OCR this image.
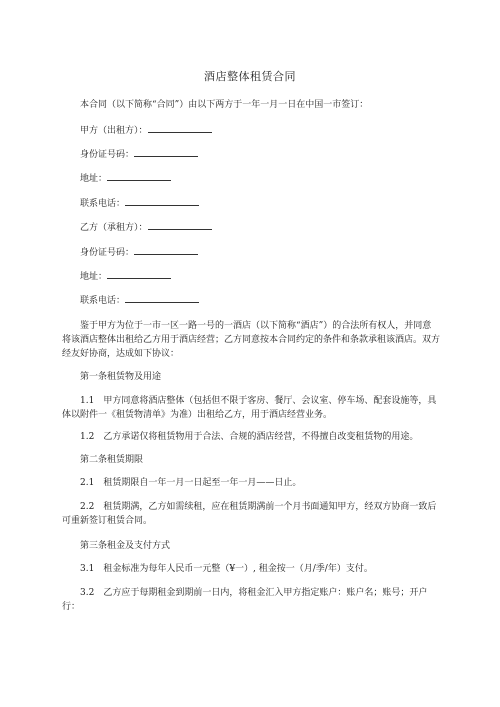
酒店整体租赁合同
本合同（以下简称“合同”）由以下两方于一年一月一日在中国一市签订：
甲方（出租方）：
身份证号码：
地址：
联系电话：
乙方（承租方）：
身份证号码：
地址：
联系电话：
鉴于甲方为位于一市一区一路一号的一酒店（以下简称“酒店”）的合法所有权人，并同意将该酒店整体出租给乙方用于酒店经营；乙方同意按本合同约定的条件和条款承租该酒店。双方经友好协商，达成如下协议：
第一条租赁物及用途
1.1　甲方同意将酒店整体（包括但不限于客房、餐厅、会议室、停车场、配套设施等，具体以附件一《租赁物清单》为准）出租给乙方，用于酒店经营业务。
1.2　乙方承诺仅将租赁物用于合法、合规的酒店经营，不得擅自改变租赁物的用途。
第二条租赁期限
2.1　租赁期限自一年一月一日起至一年一月——日止。
2.2　租赁期满，乙方如需续租，应在租赁期满前一个月书面通知甲方，经双方协商一致后可重新签订租赁合同。
第三条租金及支付方式
3.1　租金标准为每年人民币一元整（¥一）, 租金按一（月/季/年）支付。
3.2　乙方应于每期租金到期前一日内，将租金汇入甲方指定账户：账户名；账号；开户行：
